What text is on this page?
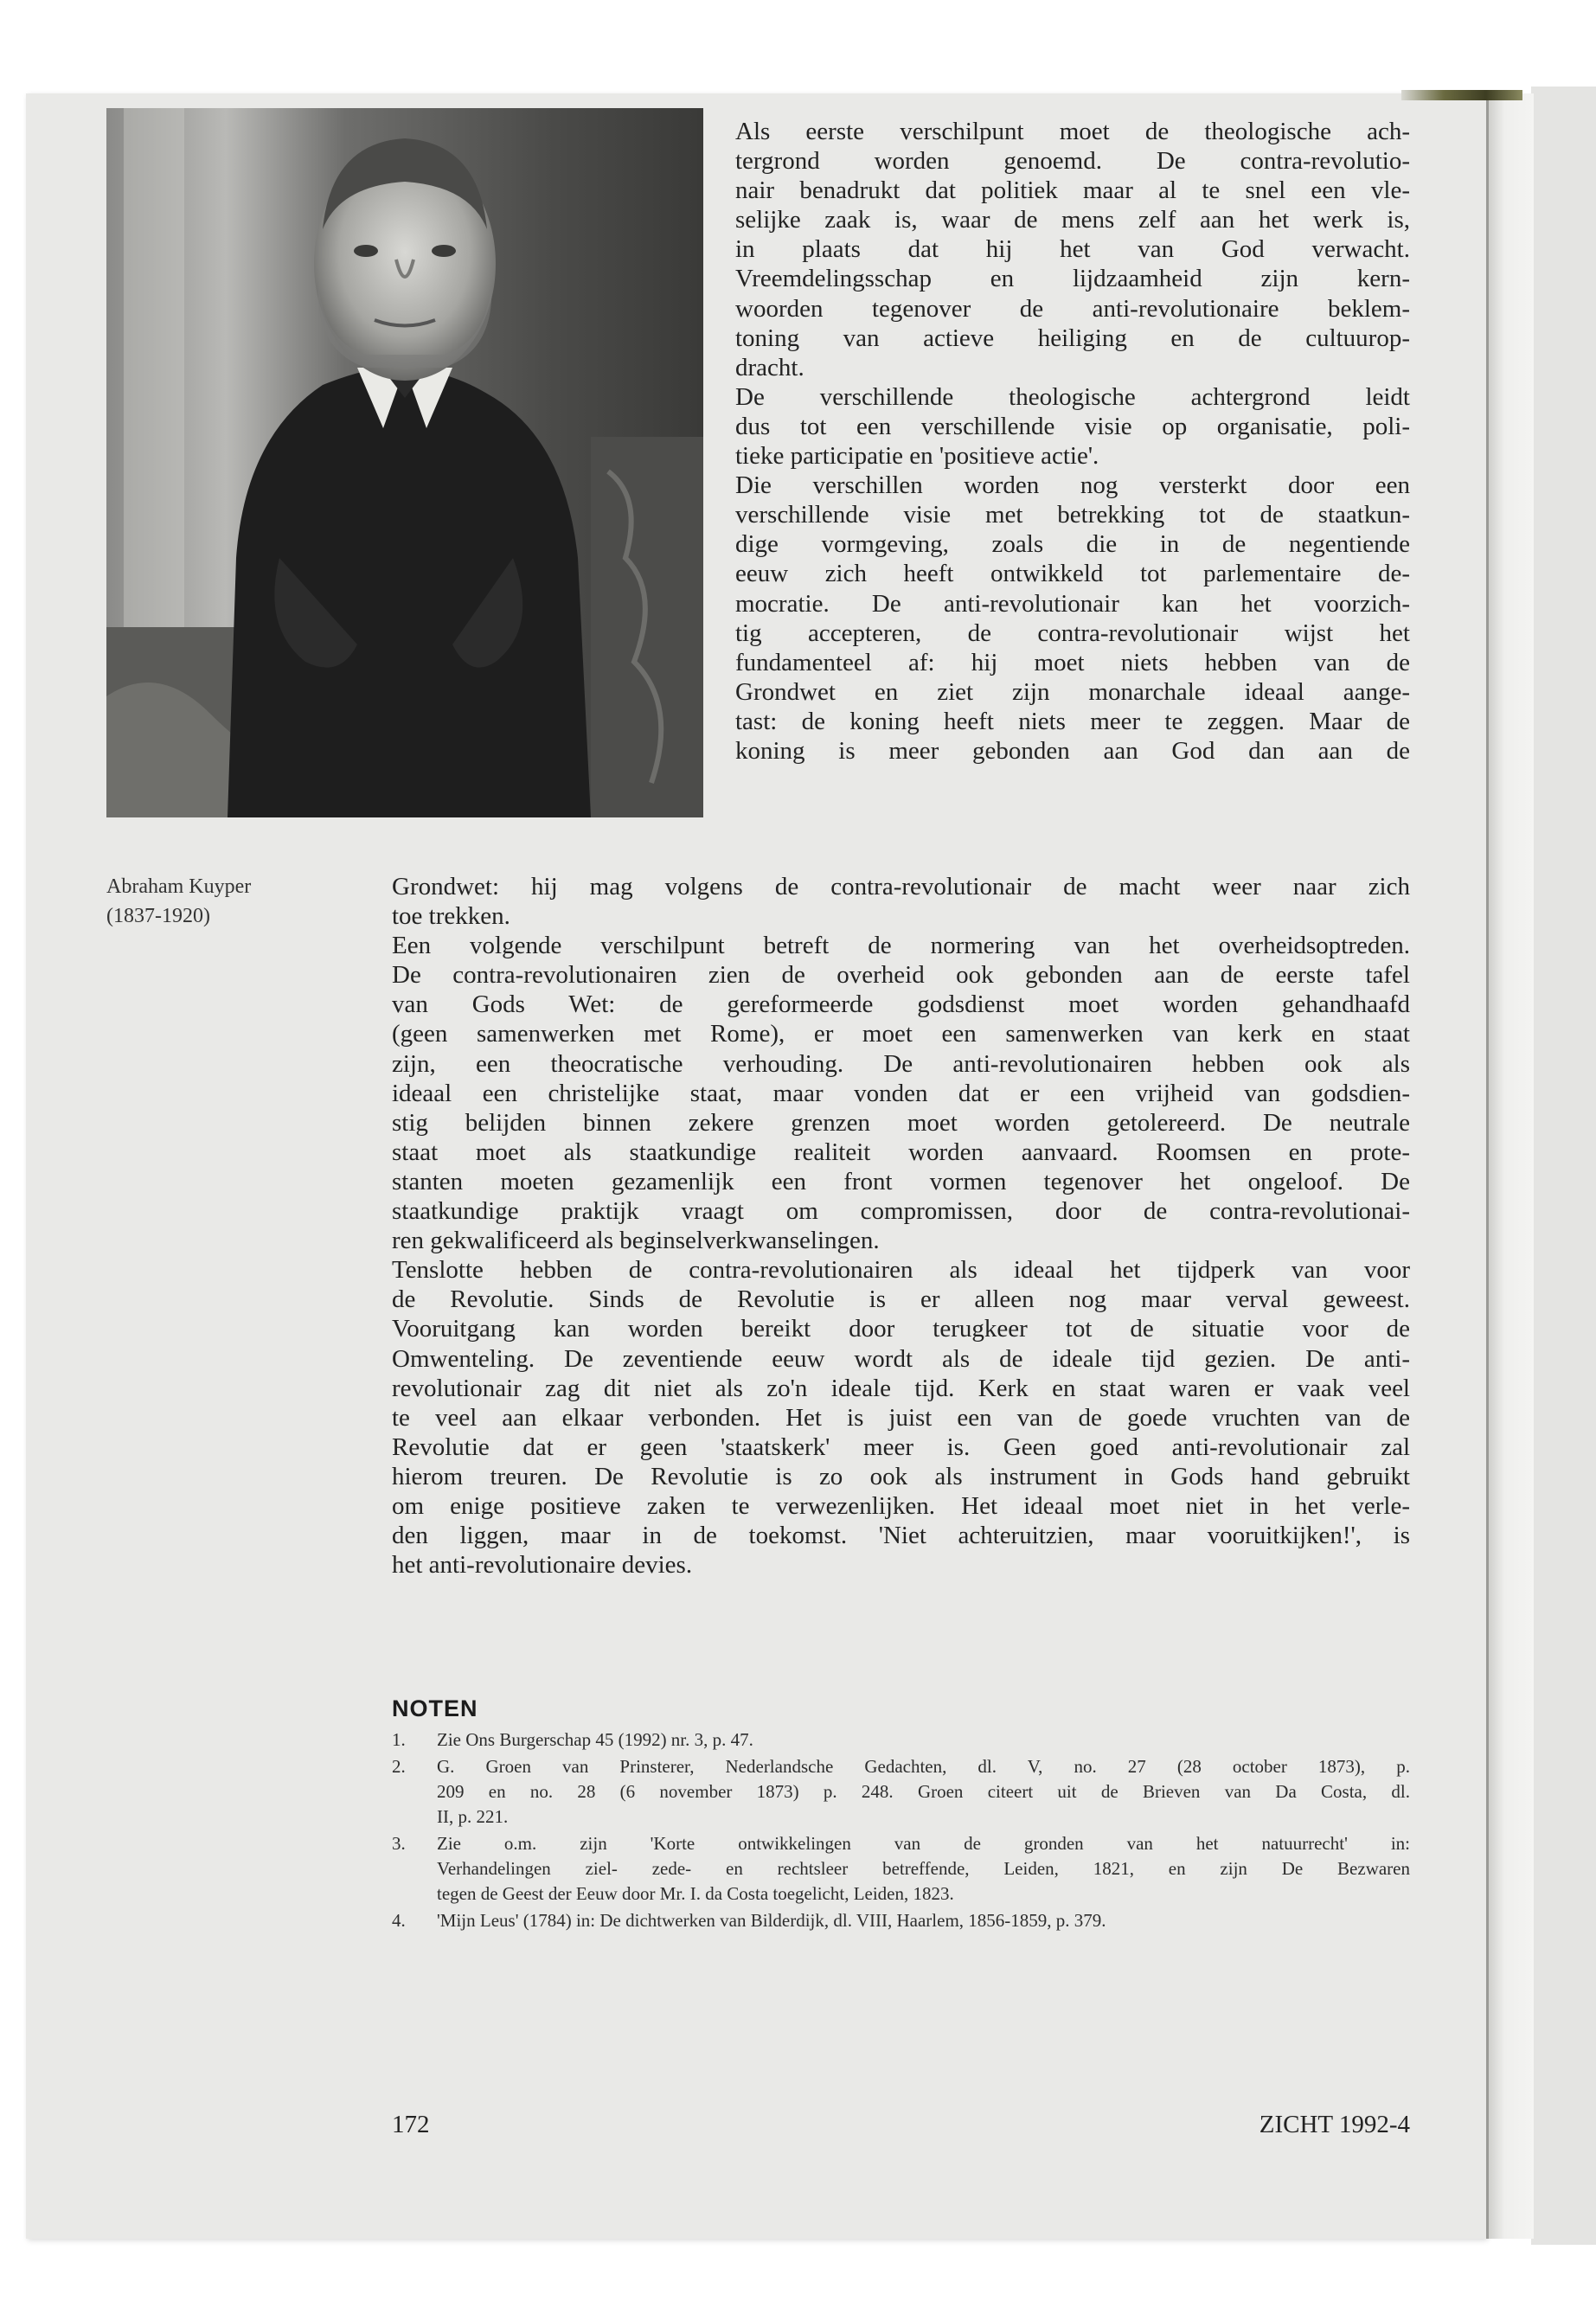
Abraham Kuyper
(1837-1920)
Als eerste verschilpunt moet de theologische ach-
tergrond worden genoemd. De contra-revolutio-
nair benadrukt dat politiek maar al te snel een vle-
selijke zaak is, waar de mens zelf aan het werk is,
in plaats dat hij het van God verwacht.
Vreemdelingsschap en lijdzaamheid zijn kern-
woorden tegenover de anti-revolutionaire beklem-
toning van actieve heiliging en de cultuurop-
dracht.
De verschillende theologische achtergrond leidt
dus tot een verschillende visie op organisatie, poli-
tieke participatie en 'positieve actie'.
Die verschillen worden nog versterkt door een
verschillende visie met betrekking tot de staatkun-
dige vormgeving, zoals die in de negentiende
eeuw zich heeft ontwikkeld tot parlementaire de-
mocratie. De anti-revolutionair kan het voorzich-
tig accepteren, de contra-revolutionair wijst het
fundamenteel af: hij moet niets hebben van de
Grondwet en ziet zijn monarchale ideaal aange-
tast: de koning heeft niets meer te zeggen. Maar de
koning is meer gebonden aan God dan aan de
Grondwet: hij mag volgens de contra-revolutionair de macht weer naar zich
toe trekken.
Een volgende verschilpunt betreft de normering van het overheidsoptreden.
De contra-revolutionairen zien de overheid ook gebonden aan de eerste tafel
van Gods Wet: de gereformeerde godsdienst moet worden gehandhaafd
(geen samenwerken met Rome), er moet een samenwerken van kerk en staat
zijn, een theocratische verhouding. De anti-revolutionairen hebben ook als
ideaal een christelijke staat, maar vonden dat er een vrijheid van godsdien-
stig belijden binnen zekere grenzen moet worden getolereerd. De neutrale
staat moet als staatkundige realiteit worden aanvaard. Roomsen en prote-
stanten moeten gezamenlijk een front vormen tegenover het ongeloof. De
staatkundige praktijk vraagt om compromissen, door de contra-revolutionai-
ren gekwalificeerd als beginselverkwanselingen.
Tenslotte hebben de contra-revolutionairen als ideaal het tijdperk van voor
de Revolutie. Sinds de Revolutie is er alleen nog maar verval geweest.
Vooruitgang kan worden bereikt door terugkeer tot de situatie voor de
Omwenteling. De zeventiende eeuw wordt als de ideale tijd gezien. De anti-
revolutionair zag dit niet als zo'n ideale tijd. Kerk en staat waren er vaak veel
te veel aan elkaar verbonden. Het is juist een van de goede vruchten van de
Revolutie dat er geen 'staatskerk' meer is. Geen goed anti-revolutionair zal
hierom treuren. De Revolutie is zo ook als instrument in Gods hand gebruikt
om enige positieve zaken te verwezenlijken. Het ideaal moet niet in het verle-
den liggen, maar in de toekomst. 'Niet achteruitzien, maar vooruitkijken!', is
het anti-revolutionaire devies.
NOTEN
1.	Zie Ons Burgerschap 45 (1992) nr. 3, p. 47.
2.	G. Groen van Prinsterer, Nederlandsche Gedachten, dl. V, no. 27 (28 october 1873), p.
209 en no. 28 (6 november 1873) p. 248. Groen citeert uit de Brieven van Da Costa, dl.
II, p. 221.
3.	Zie o.m. zijn 'Korte ontwikkelingen van de gronden van het natuurrecht' in:
Verhandelingen ziel- zede- en rechtsleer betreffende, Leiden, 1821, en zijn De Bezwaren
tegen de Geest der Eeuw door Mr. I. da Costa toegelicht, Leiden, 1823.
4.	'Mijn Leus' (1784) in: De dichtwerken van Bilderdijk, dl. VIII, Haarlem, 1856-1859, p. 379.
172	ZICHT 1992-4
